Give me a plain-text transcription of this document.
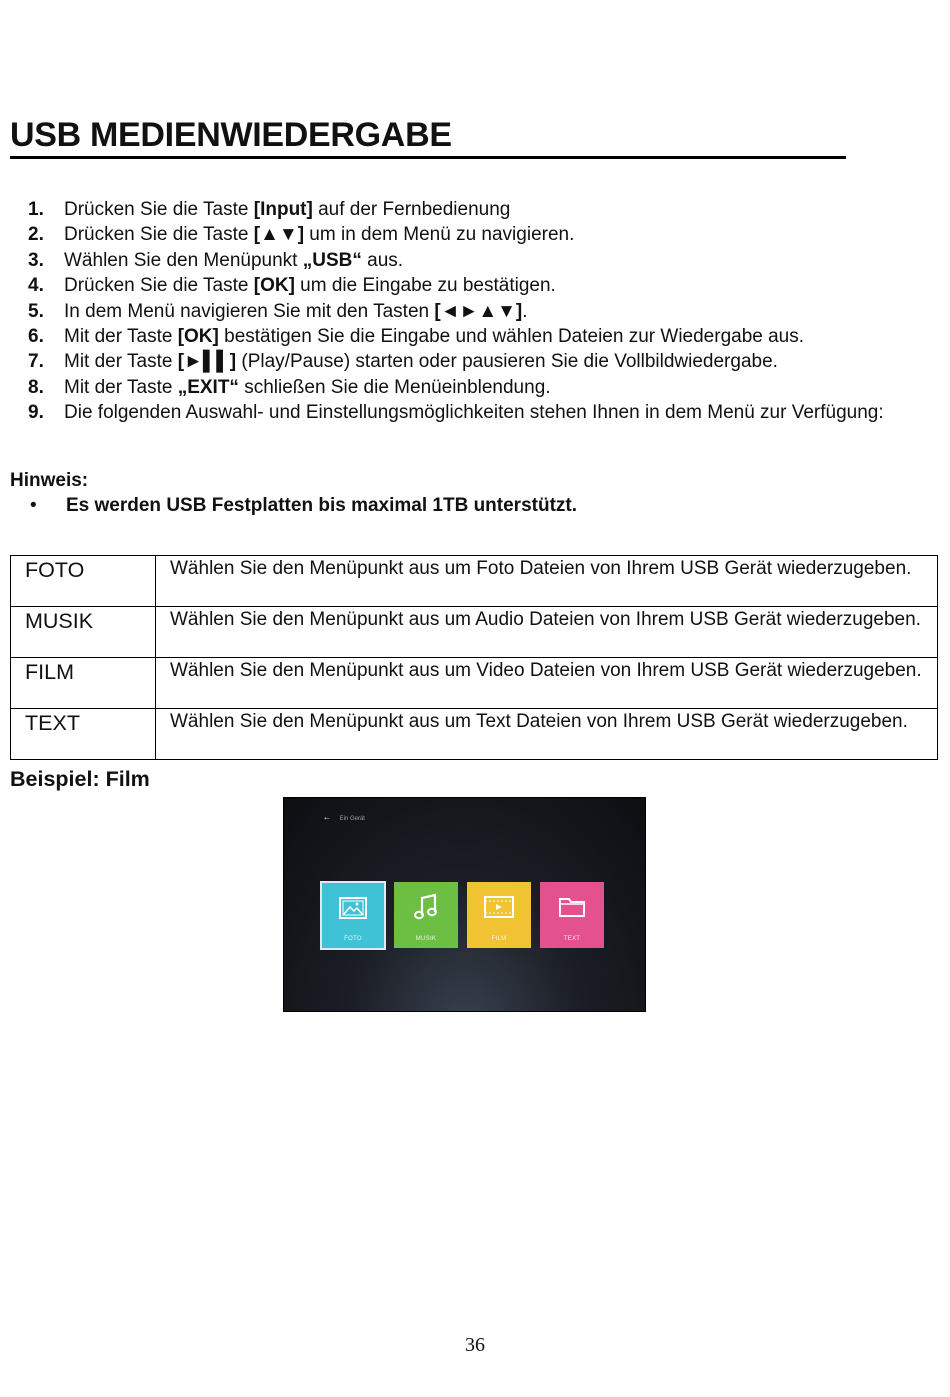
USB MEDIENWIEDERGABE
1.	Drücken Sie die Taste [Input] auf der Fernbedienung
2.	Drücken Sie die Taste [▲▼] um in dem Menü zu navigieren.
3.	Wählen Sie den Menüpunkt „USB“ aus.
4.	Drücken Sie die Taste [OK] um die Eingabe zu bestätigen.
5.	In dem Menü navigieren Sie mit den Tasten [◄►▲▼].
6.	Mit der Taste [OK] bestätigen Sie die Eingabe und wählen Dateien zur Wiedergabe aus.
7.	Mit der Taste [►▌▌] (Play/Pause) starten oder pausieren Sie die Vollbildwiedergabe.
8.	Mit der Taste „EXIT“ schließen Sie die Menüeinblendung.
9.	Die folgenden Auswahl- und Einstellungsmöglichkeiten stehen Ihnen in dem Menü zur Verfügung:
Hinweis:
•	Es werden USB Festplatten bis maximal 1TB unterstützt.
FOTO	Wählen Sie den Menüpunkt aus um Foto Dateien von Ihrem USB Gerät wiederzugeben.
MUSIK	Wählen Sie den Menüpunkt aus um Audio Dateien von Ihrem USB Gerät wiederzugeben.
FILM	Wählen Sie den Menüpunkt aus um Video Dateien von Ihrem USB Gerät wiederzugeben.
TEXT	Wählen Sie den Menüpunkt aus um Text Dateien von Ihrem USB Gerät wiederzugeben.
Beispiel: Film
⭠ Ein Gerät
FOTO	MUSIK	FILM	TEXT
36
